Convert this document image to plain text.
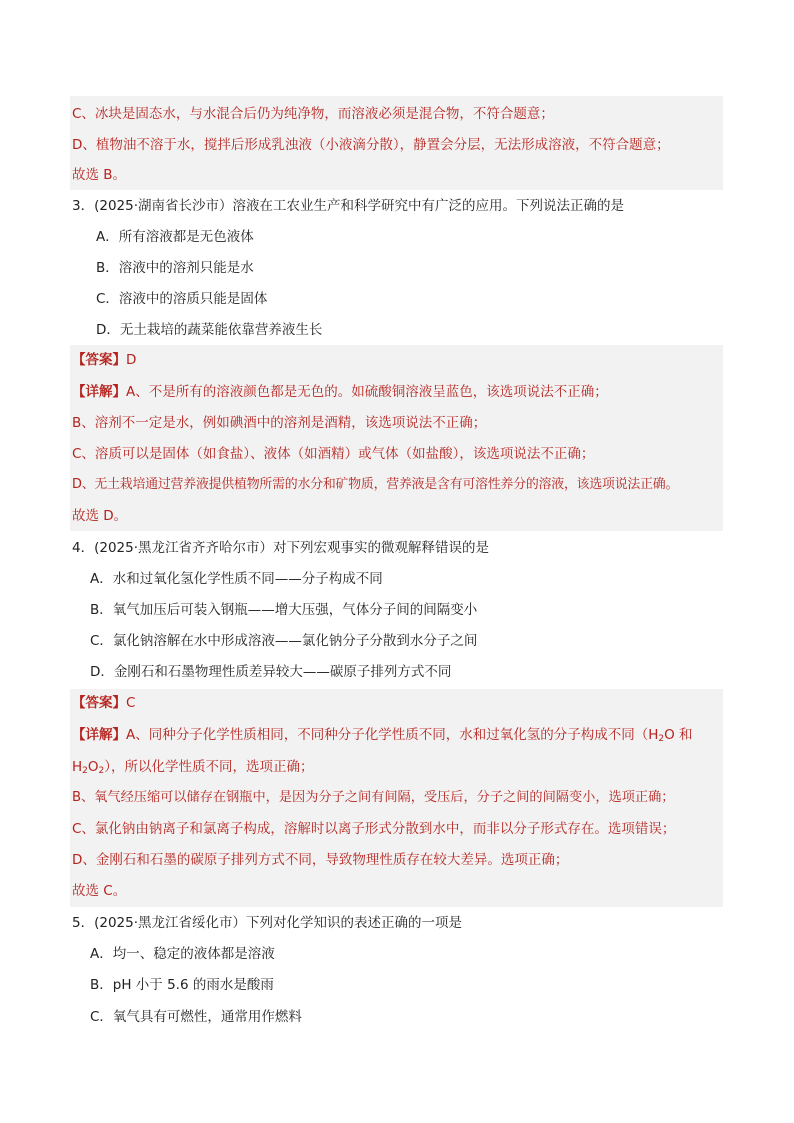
C、冰块是固态水，与水混合后仍为纯净物，而溶液必须是混合物，不符合题意；
D、植物油不溶于水，搅拌后形成乳浊液（小液滴分散），静置会分层，无法形成溶液，不符合题意；
故选 B。
3．(2025·湖南省长沙市）溶液在工农业生产和科学研究中有广泛的应用。下列说法正确的是
A．所有溶液都是无色液体
B．溶液中的溶剂只能是水
C．溶液中的溶质只能是固体
D．无土栽培的蔬菜能依靠营养液生长
【答案】D
【详解】A、不是所有的溶液颜色都是无色的。如硫酸铜溶液呈蓝色，该选项说法不正确；
B、溶剂不一定是水，例如碘酒中的溶剂是酒精，该选项说法不正确；
C、溶质可以是固体（如食盐）、液体（如酒精）或气体（如盐酸），该选项说法不正确；
D、无土栽培通过营养液提供植物所需的水分和矿物质，营养液是含有可溶性养分的溶液，该选项说法正确。
故选 D。
4．(2025·黑龙江省齐齐哈尔市）对下列宏观事实的微观解释错误的是
A．水和过氧化氢化学性质不同——分子构成不同
B．氧气加压后可装入钢瓶——增大压强，气体分子间的间隔变小
C．氯化钠溶解在水中形成溶液——氯化钠分子分散到水分子之间
D．金刚石和石墨物理性质差异较大——碳原子排列方式不同
【答案】C
【详解】A、同种分子化学性质相同，不同种分子化学性质不同，水和过氧化氢的分子构成不同（$H_2O$ 和
$H_2O_2$），所以化学性质不同，选项正确；
B、氧气经压缩可以储存在钢瓶中，是因为分子之间有间隔，受压后，分子之间的间隔变小，选项正确；
C、氯化钠由钠离子和氯离子构成，溶解时以离子形式分散到水中，而非以分子形式存在。选项错误；
D、金刚石和石墨的碳原子排列方式不同，导致物理性质存在较大差异。选项正确；
故选 C。
5．(2025·黑龙江省绥化市）下列对化学知识的表述正确的一项是
A．均一、稳定的液体都是溶液
B．pH 小于 5.6 的雨水是酸雨
C．氧气具有可燃性，通常用作燃料
